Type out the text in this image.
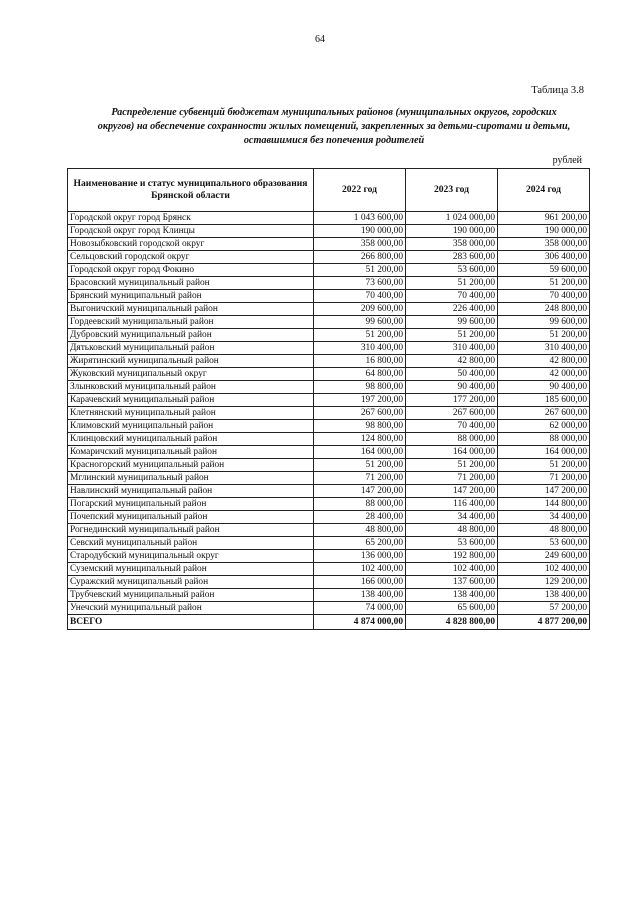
64
Таблица 3.8
Распределение субвенций бюджетам муниципальных районов (муниципальных округов, городских
округов) на обеспечение сохранности жилых помещений, закрепленных за детьми-сиротами и детьми,
оставшимися без попечения родителей
рублей
Наименование и статус муниципального образования Брянской области	2022 год	2023 год	2024 год
Городской округ город Брянск	1 043 600,00	1 024 000,00	961 200,00
Городской округ город Клинцы	190 000,00	190 000,00	190 000,00
Новозыбковский городской округ	358 000,00	358 000,00	358 000,00
Сельцовский городской округ	266 800,00	283 600,00	306 400,00
Городской округ город Фокино	51 200,00	53 600,00	59 600,00
Брасовский муниципальный район	73 600,00	51 200,00	51 200,00
Брянский муниципальный район	70 400,00	70 400,00	70 400,00
Выгоничский муниципальный район	209 600,00	226 400,00	248 800,00
Гордеевский муниципальный район	99 600,00	99 600,00	99 600,00
Дубровский муниципальный район	51 200,00	51 200,00	51 200,00
Дятьковский муниципальный район	310 400,00	310 400,00	310 400,00
Жирятинский муниципальный район	16 800,00	42 800,00	42 800,00
Жуковский муниципальный округ	64 800,00	50 400,00	42 000,00
Злынковский муниципальный район	98 800,00	90 400,00	90 400,00
Карачевский муниципальный район	197 200,00	177 200,00	185 600,00
Клетнянский муниципальный район	267 600,00	267 600,00	267 600,00
Климовский муниципальный район	98 800,00	70 400,00	62 000,00
Клинцовский муниципальный район	124 800,00	88 000,00	88 000,00
Комаричский муниципальный район	164 000,00	164 000,00	164 000,00
Красногорский муниципальный район	51 200,00	51 200,00	51 200,00
Мглинский муниципальный район	71 200,00	71 200,00	71 200,00
Навлинский муниципальный район	147 200,00	147 200,00	147 200,00
Погарский муниципальный район	88 000,00	116 400,00	144 800,00
Почепский муниципальный район	28 400,00	34 400,00	34 400,00
Рогнединский муниципальный район	48 800,00	48 800,00	48 800,00
Севский муниципальный район	65 200,00	53 600,00	53 600,00
Стародубский муниципальный округ	136 000,00	192 800,00	249 600,00
Суземский муниципальный район	102 400,00	102 400,00	102 400,00
Суражский муниципальный район	166 000,00	137 600,00	129 200,00
Трубчевский муниципальный район	138 400,00	138 400,00	138 400,00
Унечский муниципальный район	74 000,00	65 600,00	57 200,00
ВСЕГО	4 874 000,00	4 828 800,00	4 877 200,00
